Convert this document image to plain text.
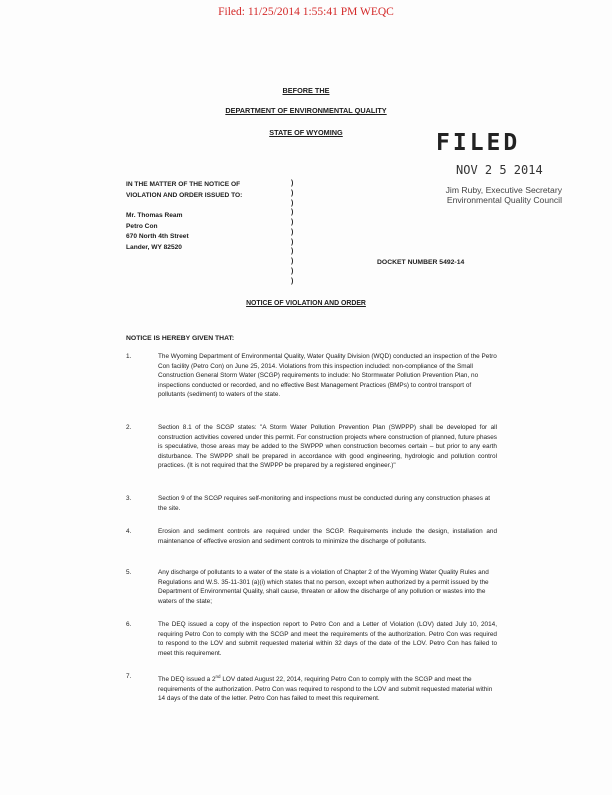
Filed: 11/25/2014 1:55:41 PM WEQC
BEFORE THE
DEPARTMENT OF ENVIRONMENTAL QUALITY
STATE OF WYOMING	FILED
NOV 2 5 2014
Jim Ruby, Executive Secretary
Environmental Quality Council
IN THE MATTER OF THE NOTICE OF
VIOLATION AND ORDER ISSUED TO:
Mr. Thomas Ream
Petro Con
670 North 4th Street
Lander, WY 82520
)
)
)
)
)
)
)
)
)
)
)
DOCKET NUMBER 5492-14
NOTICE OF VIOLATION AND ORDER
NOTICE IS HEREBY GIVEN THAT:
1.	The Wyoming Department of Environmental Quality, Water Quality Division (WQD) conducted an inspection of the Petro Con facility (Petro Con) on June 25, 2014. Violations from this inspection included: non-compliance of the Small Construction General Storm Water (SCGP) requirements to include: No Stormwater Pollution Prevention Plan, no inspections conducted or recorded, and no effective Best Management Practices (BMPs) to control transport of pollutants (sediment) to waters of the state.
2.	Section 8.1 of the SCGP states: "A Storm Water Pollution Prevention Plan (SWPPP) shall be developed for all construction activities covered under this permit. For construction projects where construction of planned, future phases is speculative, those areas may be added to the SWPPP when construction becomes certain – but prior to any earth disturbance. The SWPPP shall be prepared in accordance with good engineering, hydrologic and pollution control practices. (It is not required that the SWPPP be prepared by a registered engineer.)"
3.	Section 9 of the SCGP requires self-monitoring and inspections must be conducted during any construction phases at the site.
4.	Erosion and sediment controls are required under the SCGP. Requirements include the design, installation and maintenance of effective erosion and sediment controls to minimize the discharge of pollutants.
5.	Any discharge of pollutants to a water of the state is a violation of Chapter 2 of the Wyoming Water Quality Rules and Regulations and W.S. 35-11-301 (a)(i) which states that no person, except when authorized by a permit issued by the Department of Environmental Quality, shall cause, threaten or allow the discharge of any pollution or wastes into the waters of the state;
6.	The DEQ issued a copy of the inspection report to Petro Con and a Letter of Violation (LOV) dated July 10, 2014, requiring Petro Con to comply with the SCGP and meet the requirements of the authorization. Petro Con was required to respond to the LOV and submit requested material within 32 days of the date of the LOV. Petro Con has failed to meet this requirement.
7.	The DEQ issued a 2nd LOV dated August 22, 2014, requiring Petro Con to comply with the SCGP and meet the requirements of the authorization. Petro Con was required to respond to the LOV and submit requested material within 14 days of the date of the letter. Petro Con has failed to meet this requirement.
